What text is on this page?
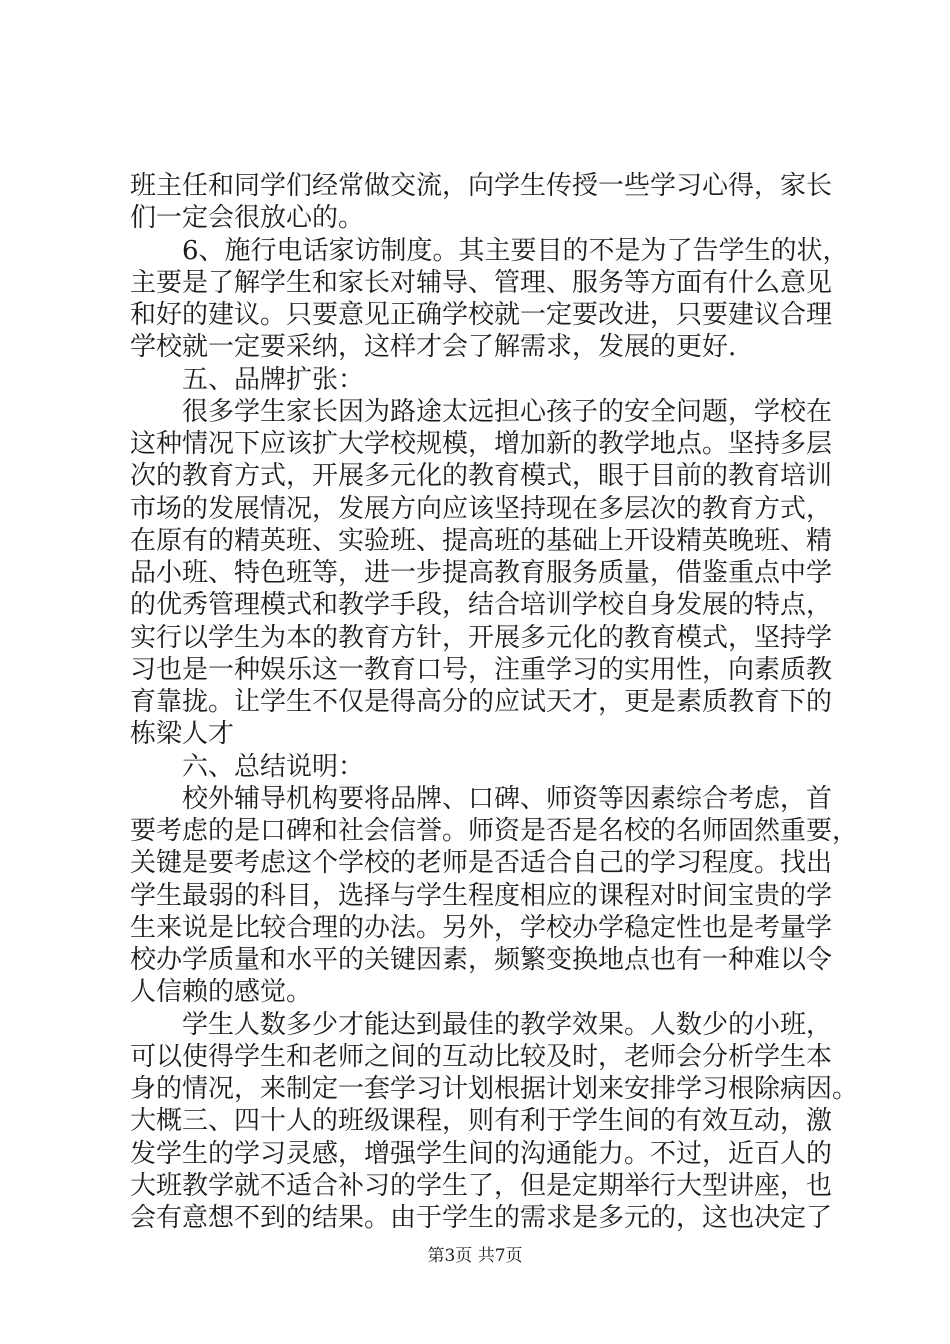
班主任和同学们经常做交流，向学生传授一些学习心得，家长
们一定会很放心的。
　　6、施行电话家访制度。其主要目的不是为了告学生的状，
主要是了解学生和家长对辅导、管理、服务等方面有什么意见
和好的建议。只要意见正确学校就一定要改进，只要建议合理
学校就一定要采纳，这样才会了解需求，发展的更好.
　　五、品牌扩张：
　　很多学生家长因为路途太远担心孩子的安全问题，学校在
这种情况下应该扩大学校规模，增加新的教学地点。坚持多层
次的教育方式，开展多元化的教育模式，眼于目前的教育培训
市场的发展情况，发展方向应该坚持现在多层次的教育方式，
在原有的精英班、实验班、提高班的基础上开设精英晚班、精
品小班、特色班等，进一步提高教育服务质量，借鉴重点中学
的优秀管理模式和教学手段，结合培训学校自身发展的特点，
实行以学生为本的教育方针，开展多元化的教育模式，坚持学
习也是一种娱乐这一教育口号，注重学习的实用性，向素质教
育靠拢。让学生不仅是得高分的应试天才，更是素质教育下的
栋梁人才
　　六、总结说明：
　　校外辅导机构要将品牌、口碑、师资等因素综合考虑，首
要考虑的是口碑和社会信誉。师资是否是名校的名师固然重要，
关键是要考虑这个学校的老师是否适合自己的学习程度。找出
学生最弱的科目，选择与学生程度相应的课程对时间宝贵的学
生来说是比较合理的办法。另外，学校办学稳定性也是考量学
校办学质量和水平的关键因素，频繁变换地点也有一种难以令
人信赖的感觉。
　　学生人数多少才能达到最佳的教学效果。人数少的小班，
可以使得学生和老师之间的互动比较及时，老师会分析学生本
身的情况，来制定一套学习计划根据计划来安排学习根除病因。
大概三、四十人的班级课程，则有利于学生间的有效互动，激
发学生的学习灵感，增强学生间的沟通能力。不过，近百人的
大班教学就不适合补习的学生了，但是定期举行大型讲座，也
会有意想不到的结果。由于学生的需求是多元的，这也决定了
第3页 共7页
